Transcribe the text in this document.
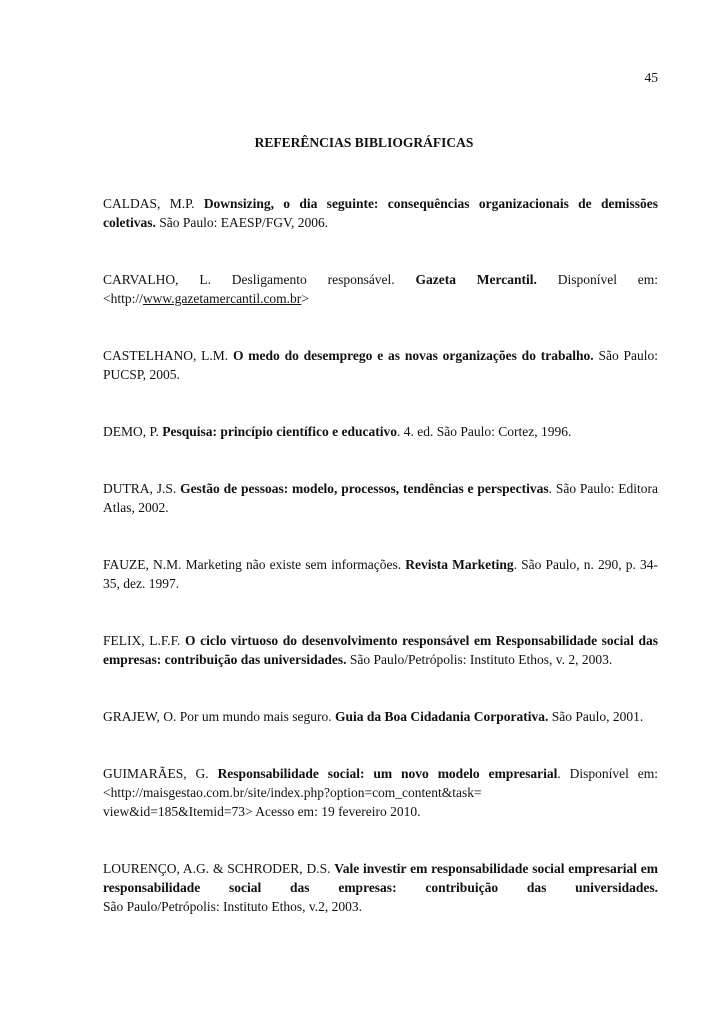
45
REFERÊNCIAS BIBLIOGRÁFICAS

CALDAS, M.P. Downsizing, o dia seguinte: consequências organizacionais de demissões coletivas. São Paulo: EAESP/FGV, 2006.

CARVALHO, L. Desligamento responsável. Gazeta Mercantil. Disponível em:
<http://www.gazetamercantil.com.br>

CASTELHANO, L.M. O medo do desemprego e as novas organizações do trabalho. São Paulo: PUCSP, 2005.

DEMO, P. Pesquisa: princípio científico e educativo. 4. ed. São Paulo: Cortez, 1996.

DUTRA, J.S. Gestão de pessoas: modelo, processos, tendências e perspectivas. São Paulo: Editora Atlas, 2002.

FAUZE, N.M. Marketing não existe sem informações. Revista Marketing. São Paulo, n. 290, p. 34-35, dez. 1997.

FELIX, L.F.F. O ciclo virtuoso do desenvolvimento responsável em Responsabilidade social das empresas: contribuição das universidades. São Paulo/Petrópolis: Instituto Ethos, v. 2, 2003.

GRAJEW, O. Por um mundo mais seguro. Guia da Boa Cidadania Corporativa. São Paulo, 2001.

GUIMARÃES, G. Responsabilidade social: um novo modelo empresarial. Disponível em:
<http://maisgestao.com.br/site/index.php?option=com_content&task=
view&id=185&Itemid=73> Acesso em: 19 fevereiro 2010.

LOURENÇO, A.G. & SCHRODER, D.S. Vale investir em responsabilidade social empresarial em responsabilidade social das empresas: contribuição das universidades.
São Paulo/Petrópolis: Instituto Ethos, v.2, 2003.
